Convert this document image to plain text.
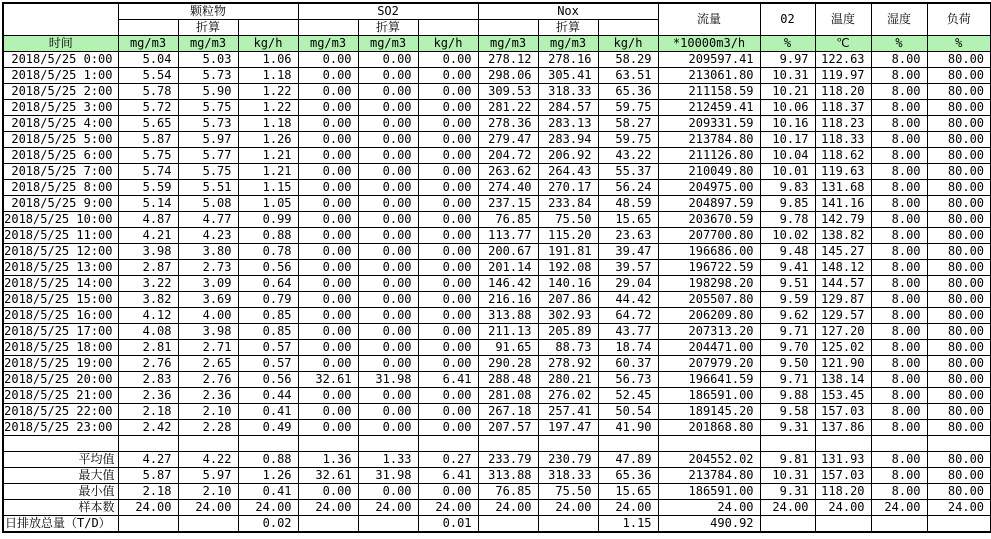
	颗粒物			SO2			Nox			流量	02	温度	湿度	负荷
		折算			折算			折算						
时间	mg/m3	mg/m3	kg/h	mg/m3	mg/m3	kg/h	mg/m3	mg/m3	kg/h	*10000m3/h	%	℃	%	%
2018/5/25 0:00	5.04	5.03	1.06	0.00	0.00	0.00	278.12	278.16	58.29	209597.41	9.97	122.63	8.00	80.00
2018/5/25 1:00	5.54	5.73	1.18	0.00	0.00	0.00	298.06	305.41	63.51	213061.80	10.31	119.97	8.00	80.00
2018/5/25 2:00	5.78	5.90	1.22	0.00	0.00	0.00	309.53	318.33	65.36	211158.59	10.21	118.20	8.00	80.00
2018/5/25 3:00	5.72	5.75	1.22	0.00	0.00	0.00	281.22	284.57	59.75	212459.41	10.06	118.37	8.00	80.00
2018/5/25 4:00	5.65	5.73	1.18	0.00	0.00	0.00	278.36	283.13	58.27	209331.59	10.16	118.23	8.00	80.00
2018/5/25 5:00	5.87	5.97	1.26	0.00	0.00	0.00	279.47	283.94	59.75	213784.80	10.17	118.33	8.00	80.00
2018/5/25 6:00	5.75	5.77	1.21	0.00	0.00	0.00	204.72	206.92	43.22	211126.80	10.04	118.62	8.00	80.00
2018/5/25 7:00	5.74	5.75	1.21	0.00	0.00	0.00	263.62	264.43	55.37	210049.80	10.01	119.63	8.00	80.00
2018/5/25 8:00	5.59	5.51	1.15	0.00	0.00	0.00	274.40	270.17	56.24	204975.00	9.83	131.68	8.00	80.00
2018/5/25 9:00	5.14	5.08	1.05	0.00	0.00	0.00	237.15	233.84	48.59	204897.59	9.85	141.16	8.00	80.00
2018/5/25 10:00	4.87	4.77	0.99	0.00	0.00	0.00	76.85	75.50	15.65	203670.59	9.78	142.79	8.00	80.00
2018/5/25 11:00	4.21	4.23	0.88	0.00	0.00	0.00	113.77	115.20	23.63	207700.80	10.02	138.82	8.00	80.00
2018/5/25 12:00	3.98	3.80	0.78	0.00	0.00	0.00	200.67	191.81	39.47	196686.00	9.48	145.27	8.00	80.00
2018/5/25 13:00	2.87	2.73	0.56	0.00	0.00	0.00	201.14	192.08	39.57	196722.59	9.41	148.12	8.00	80.00
2018/5/25 14:00	3.22	3.09	0.64	0.00	0.00	0.00	146.42	140.16	29.04	198298.20	9.51	144.57	8.00	80.00
2018/5/25 15:00	3.82	3.69	0.79	0.00	0.00	0.00	216.16	207.86	44.42	205507.80	9.59	129.87	8.00	80.00
2018/5/25 16:00	4.12	4.00	0.85	0.00	0.00	0.00	313.88	302.93	64.72	206209.80	9.62	129.57	8.00	80.00
2018/5/25 17:00	4.08	3.98	0.85	0.00	0.00	0.00	211.13	205.89	43.77	207313.20	9.71	127.20	8.00	80.00
2018/5/25 18:00	2.81	2.71	0.57	0.00	0.00	0.00	91.65	88.73	18.74	204471.00	9.70	125.02	8.00	80.00
2018/5/25 19:00	2.76	2.65	0.57	0.00	0.00	0.00	290.28	278.92	60.37	207979.20	9.50	121.90	8.00	80.00
2018/5/25 20:00	2.83	2.76	0.56	32.61	31.98	6.41	288.48	280.21	56.73	196641.59	9.71	138.14	8.00	80.00
2018/5/25 21:00	2.36	2.36	0.44	0.00	0.00	0.00	281.08	276.02	52.45	186591.00	9.88	153.45	8.00	80.00
2018/5/25 22:00	2.18	2.10	0.41	0.00	0.00	0.00	267.18	257.41	50.54	189145.20	9.58	157.03	8.00	80.00
2018/5/25 23:00	2.42	2.28	0.49	0.00	0.00	0.00	207.57	197.47	41.90	201868.80	9.31	137.86	8.00	80.00

平均值	4.27	4.22	0.88	1.36	1.33	0.27	233.79	230.79	47.89	204552.02	9.81	131.93	8.00	80.00
最大值	5.87	5.97	1.26	32.61	31.98	6.41	313.88	318.33	65.36	213784.80	10.31	157.03	8.00	80.00
最小值	2.18	2.10	0.41	0.00	0.00	0.00	76.85	75.50	15.65	186591.00	9.31	118.20	8.00	80.00
样本数	24.00	24.00	24.00	24.00	24.00	24.00	24.00	24.00	24.00	24.00	24.00	24.00	24.00	24.00
日排放总量（T/D）			0.02			0.01			1.15	490.92				
